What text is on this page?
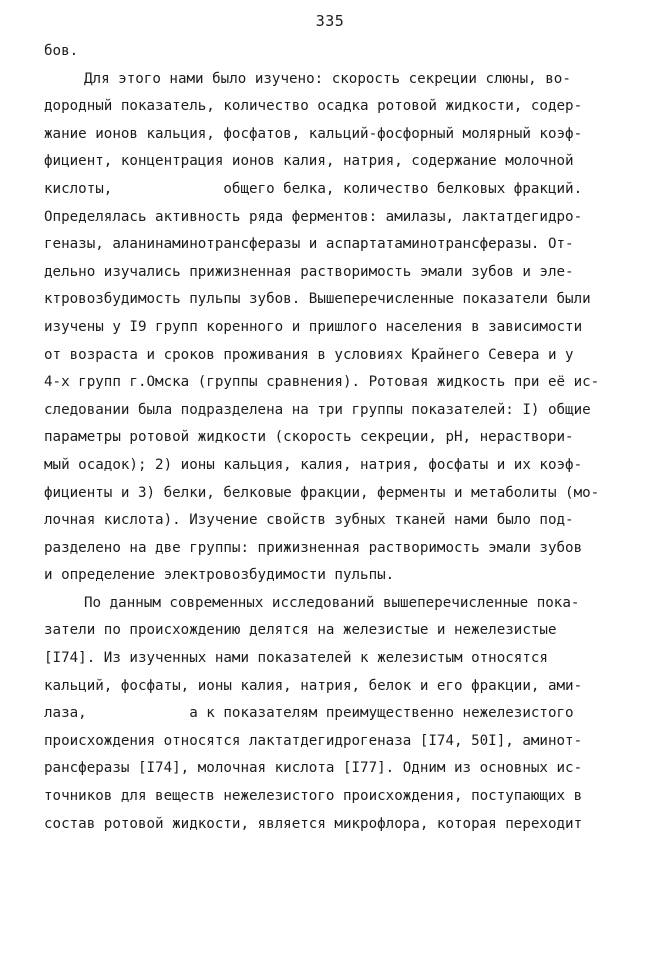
335
бов.
Для этого нами было изучено: скорость секреции слюны, во-
дородный показатель, количество осадка ротовой жидкости, содер-
жание ионов кальция, фосфатов, кальций-фосфорный молярный коэф-
фициент, концентрация ионов калия, натрия, содержание молочной
кислоты,             общего белка, количество белковых фракций.
Определялась активность ряда ферментов: амилазы, лактатдегидро-
геназы, аланинаминотрансферазы и аспартатаминотрансферазы. От-
дельно изучались прижизненная растворимость эмали зубов и эле-
ктровозбудимость пульпы зубов. Вышеперечисленные показатели были
изучены у I9 групп коренного и пришлого населения в зависимости
от возраста и сроков проживания в условиях Крайнего Севера и у
4-х групп г.Омска (группы сравнения). Ротовая жидкость при её ис-
следовании была подразделена на три группы показателей: I) общие
параметры ротовой жидкости (скорость секреции, pH, нераствори-
мый осадок); 2) ионы кальция, калия, натрия, фосфаты и их коэф-
фициенты и 3) белки, белковые фракции, ферменты и метаболиты (мо-
лочная кислота). Изучение свойств зубных тканей нами было под-
разделено на две группы: прижизненная растворимость эмали зубов
и определение электровозбудимости пульпы.
По данным современных исследований вышеперечисленные пока-
затели по происхождению делятся на железистые и нежелезистые
[I74]. Из изученных нами показателей к железистым относятся
кальций, фосфаты, ионы калия, натрия, белок и его фракции, ами-
лаза,            а к показателям преимущественно нежелезистого
происхождения относятся лактатдегидрогеназа [I74, 50I], аминот-
рансферазы [I74], молочная кислота [I77]. Одним из основных ис-
точников для веществ нежелезистого происхождения, поступающих в
состав ротовой жидкости, является микрофлора, которая переходит
